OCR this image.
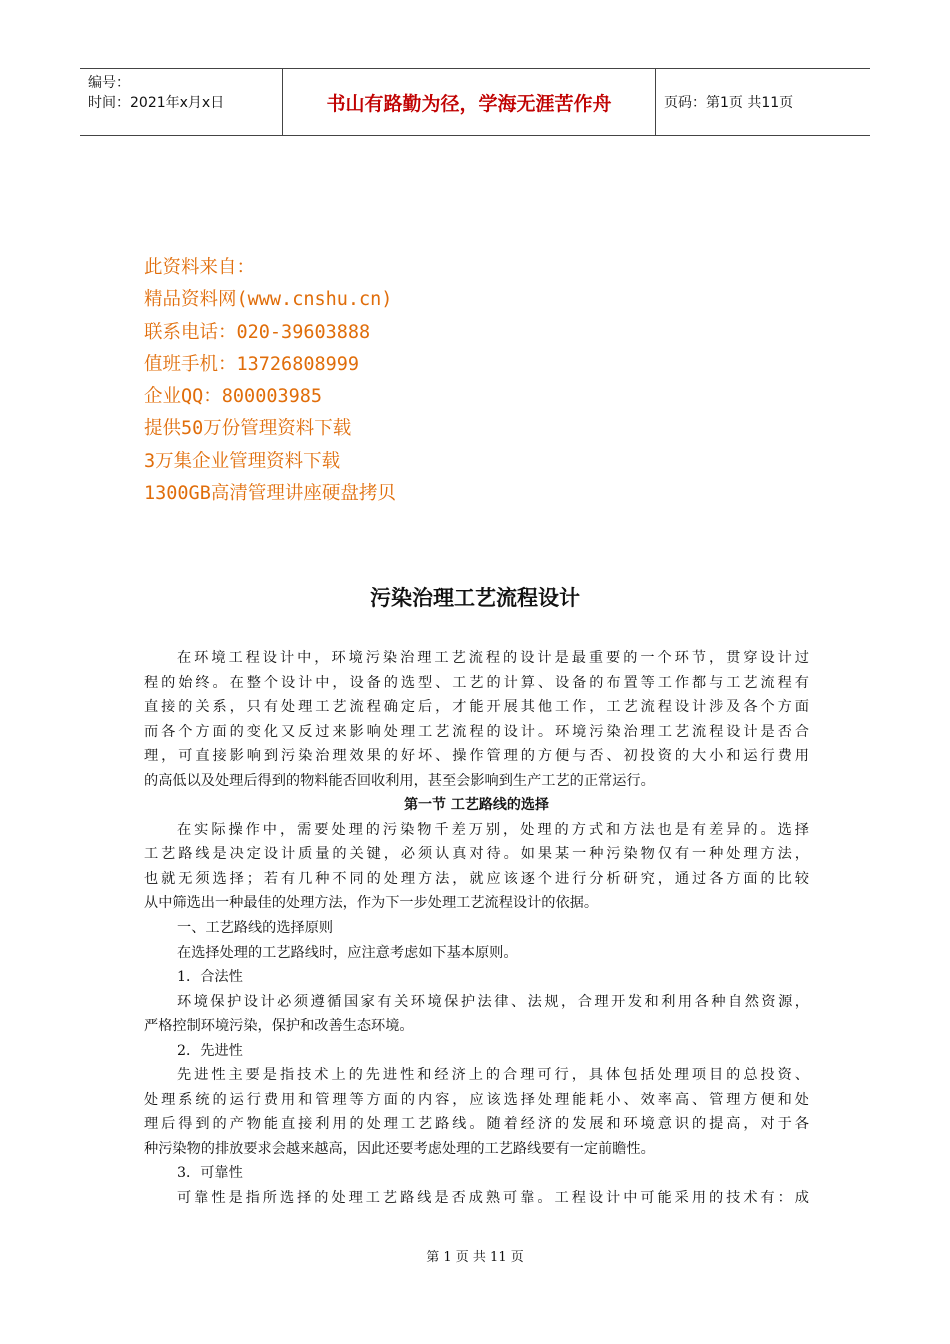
编号：
时间：2021年x月x日	书山有路勤为径，学海无涯苦作舟	页码：第1页 共11页
此资料来自：
精品资料网(www.cnshu.cn)
联系电话：020-39603888
值班手机：13726808999
企业QQ：800003985
提供50万份管理资料下载
3万集企业管理资料下载
1300GB高清管理讲座硬盘拷贝
污染治理工艺流程设计
在环境工程设计中，环境污染治理工艺流程的设计是最重要的一个环节，贯穿设计过
程的始终。在整个设计中，设备的选型、工艺的计算、设备的布置等工作都与工艺流程有
直接的关系，只有处理工艺流程确定后，才能开展其他工作，工艺流程设计涉及各个方面
而各个方面的变化又反过来影响处理工艺流程的设计。环境污染治理工艺流程设计是否合
理，可直接影响到污染治理效果的好坏、操作管理的方便与否、初投资的大小和运行费用
的高低以及处理后得到的物料能否回收利用，甚至会影响到生产工艺的正常运行。
第一节 工艺路线的选择
在实际操作中，需要处理的污染物千差万别，处理的方式和方法也是有差异的。选择
工艺路线是决定设计质量的关键，必须认真对待。如果某一种污染物仅有一种处理方法，
也就无须选择；若有几种不同的处理方法，就应该逐个进行分析研究，通过各方面的比较
从中筛选出一种最佳的处理方法，作为下一步处理工艺流程设计的依据。
一、工艺路线的选择原则
在选择处理的工艺路线时，应注意考虑如下基本原则。
1．合法性
环境保护设计必须遵循国家有关环境保护法律、法规，合理开发和利用各种自然资源，
严格控制环境污染，保护和改善生态环境。
2．先进性
先进性主要是指技术上的先进性和经济上的合理可行，具体包括处理项目的总投资、
处理系统的运行费用和管理等方面的内容，应该选择处理能耗小、效率高、管理方便和处
理后得到的产物能直接利用的处理工艺路线。随着经济的发展和环境意识的提高，对于各
种污染物的排放要求会越来越高，因此还要考虑处理的工艺路线要有一定前瞻性。
3．可靠性
可靠性是指所选择的处理工艺路线是否成熟可靠。工程设计中可能采用的技术有：成
第 1 页 共 11 页
